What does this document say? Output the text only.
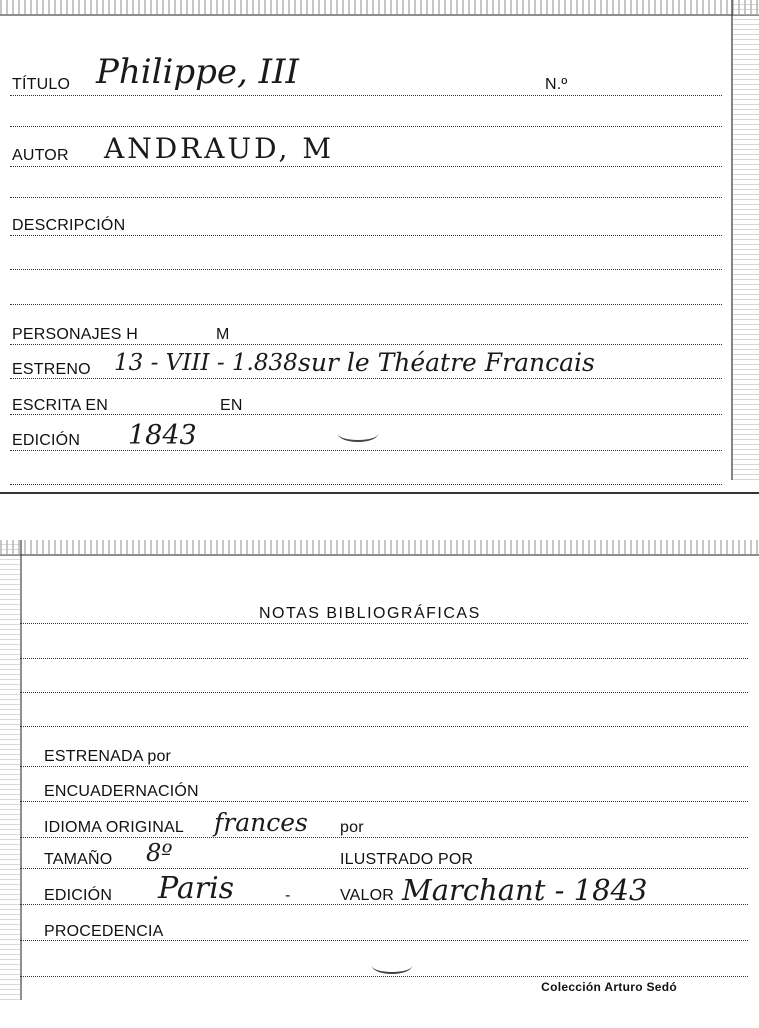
TÍTULO Philippe, III	N.º
AUTOR ANDRAUD, M
DESCRIPCIÓN
PERSONAJES H	M
ESTRENO 13 - VIII - 1.838 sur le Théatre Francais
ESCRITA EN	EN
EDICIÓN 1843
NOTAS BIBLIOGRÁFICAS
ESTRENADA por
ENCUADERNACIÓN
IDIOMA ORIGINAL frances por
TAMAÑO 8º	ILUSTRADO POR
EDICIÓN Paris	-	VALOR Marchant - 1843
PROCEDENCIA
Colección Arturo Sedó
